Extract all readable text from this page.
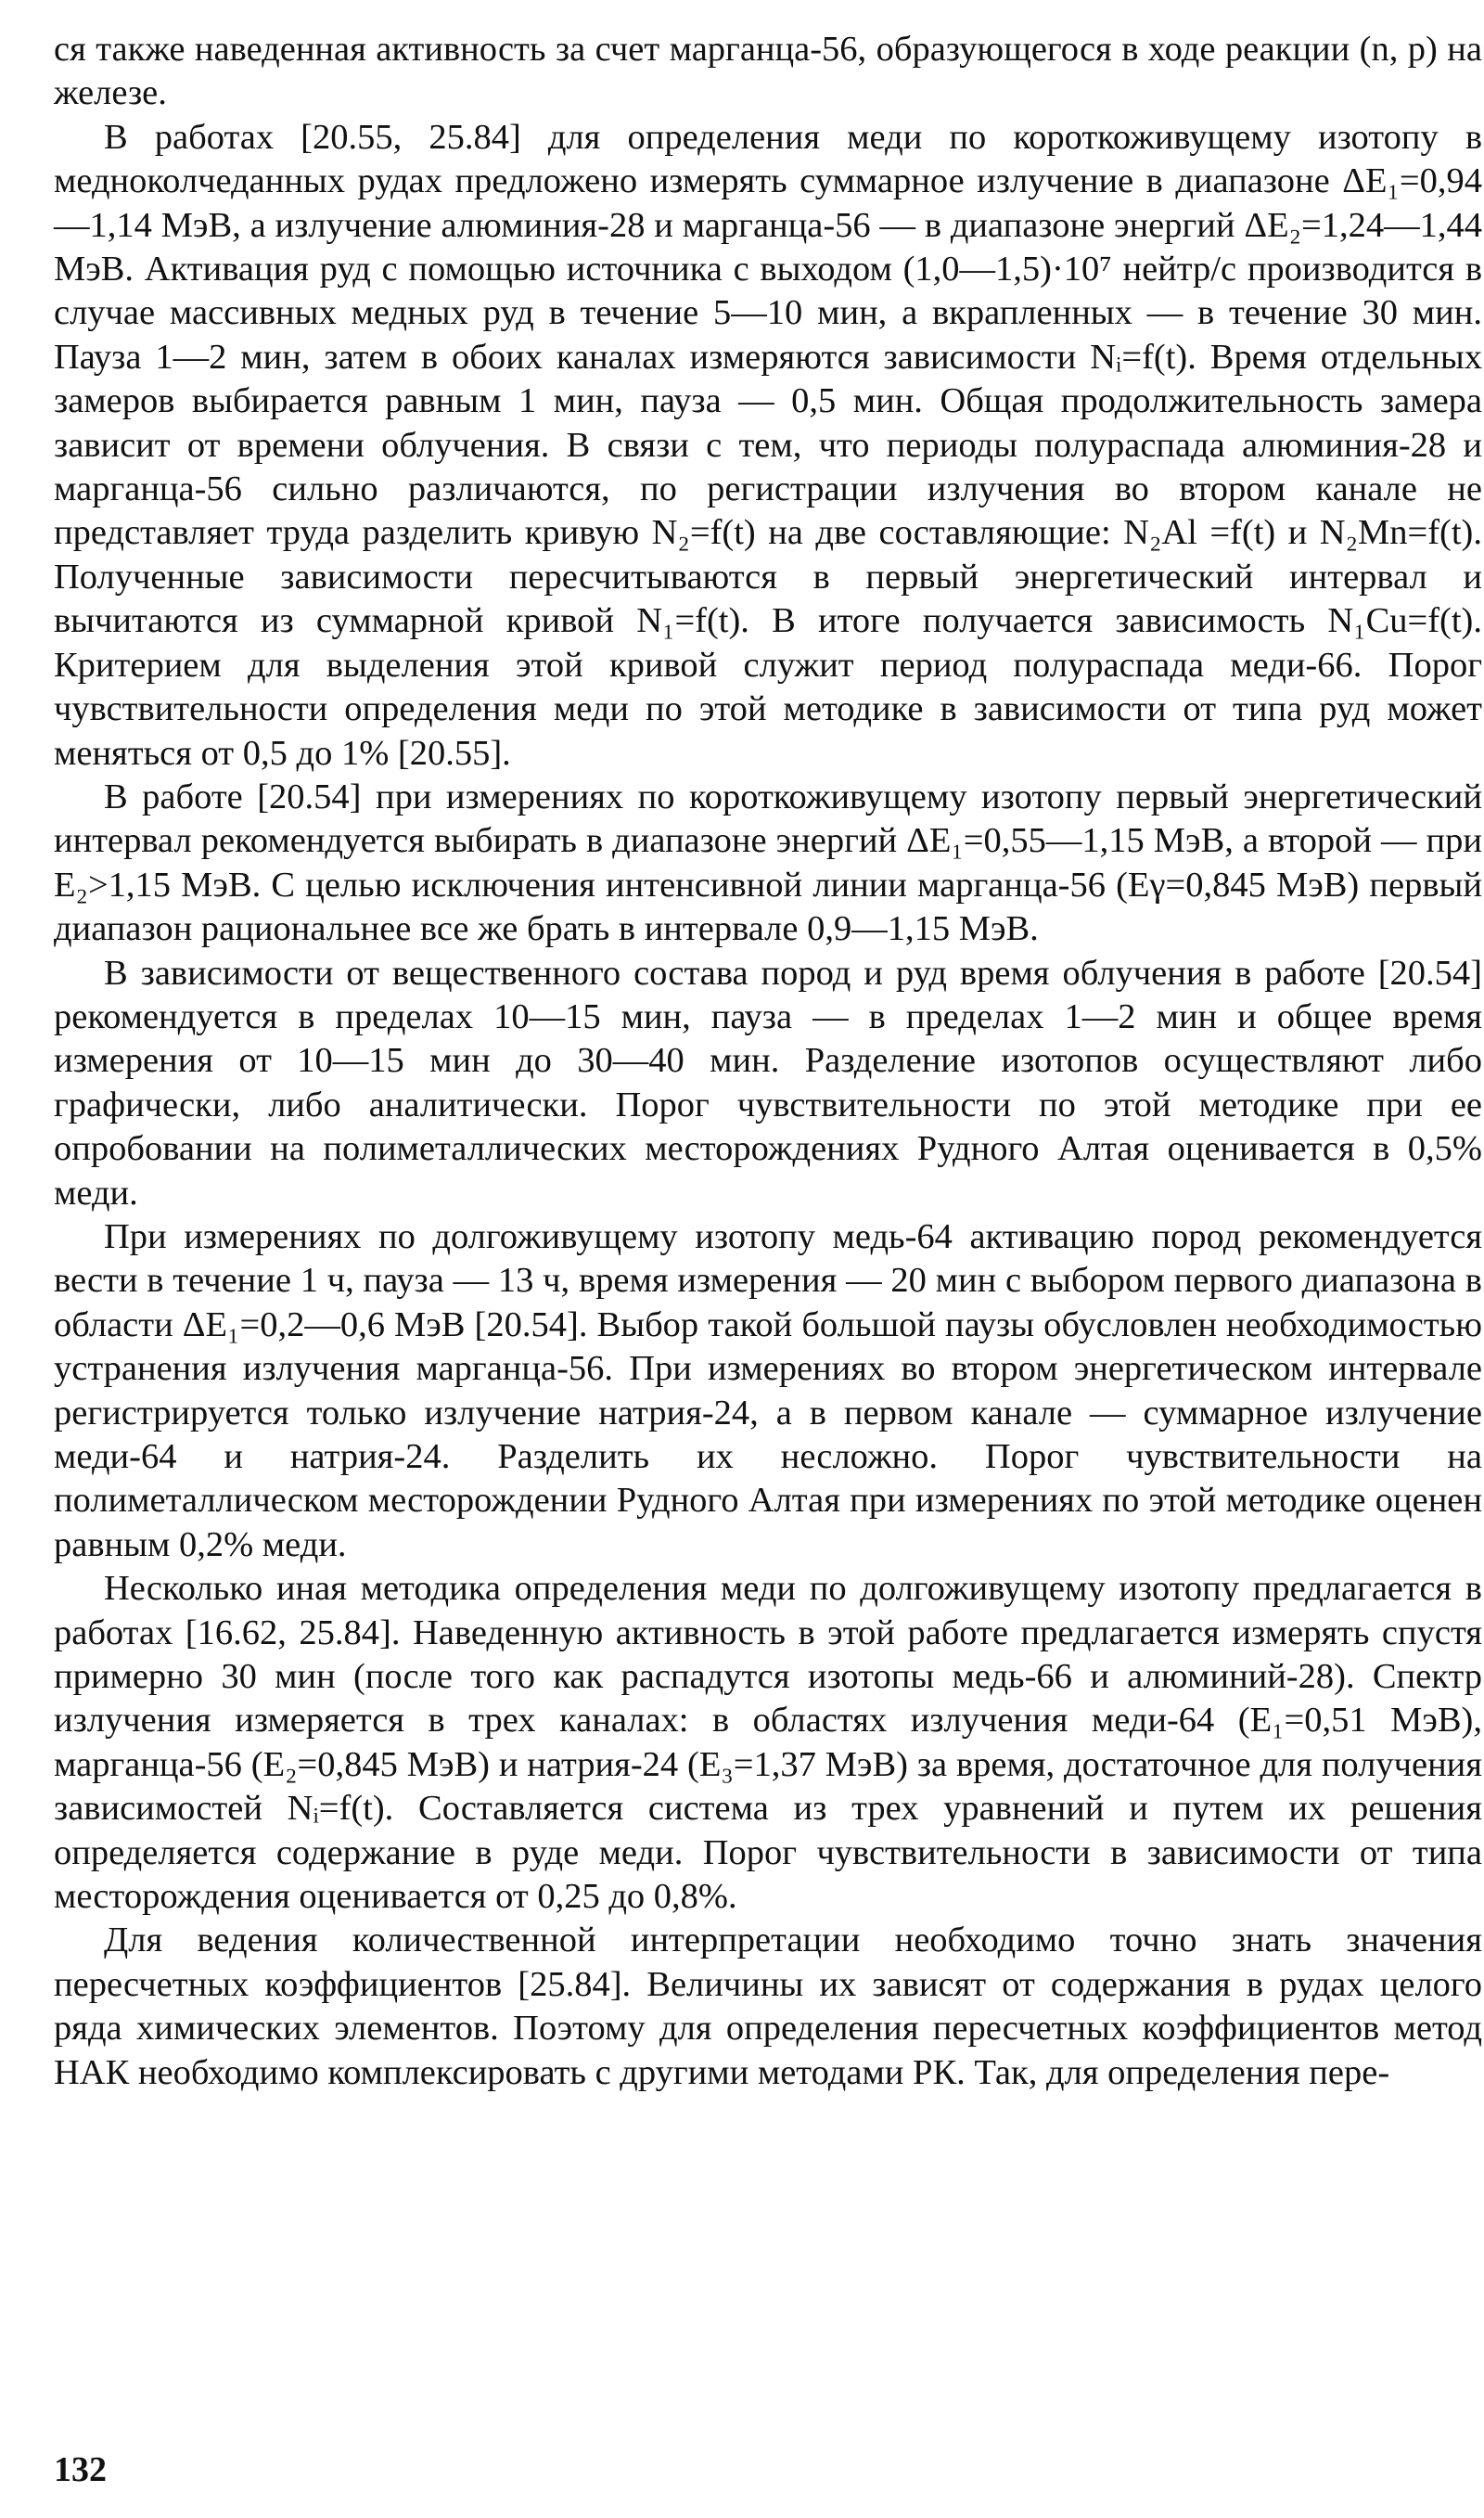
ся также наведенная активность за счет марганца-56, образующегося в ходе реакции (n, p) на железе.

В работах [20.55, 25.84] для определения меди по короткоживущему изотопу в медноколчеданных рудах предложено измерять суммарное излучение в диапазоне ΔE₁=0,94—1,14 МэВ, а излучение алюминия-28 и марганца-56 — в диапазоне энергий ΔE₂=1,24—1,44 МэВ. Активация руд с помощью источника с выходом (1,0—1,5)·10⁷ нейтр/с производится в случае массивных медных руд в течение 5—10 мин, а вкрапленных — в течение 30 мин. Пауза 1—2 мин, затем в обоих каналах измеряются зависимости Nᵢ=f(t). Время отдельных замеров выбирается равным 1 мин, пауза — 0,5 мин. Общая продолжительность замера зависит от времени облучения. В связи с тем, что периоды полураспада алюминия-28 и марганца-56 сильно различаются, по регистрации излучения во втором канале не представляет труда разделить кривую N₂=f(t) на две составляющие: N₂Al =f(t) и N₂Mn=f(t). Полученные зависимости пересчитываются в первый энергетический интервал и вычитаются из суммарной кривой N₁=f(t). В итоге получается зависимость N₁Cu=f(t). Критерием для выделения этой кривой служит период полураспада меди-66. Порог чувствительности определения меди по этой методике в зависимости от типа руд может меняться от 0,5 до 1% [20.55].

В работе [20.54] при измерениях по короткоживущему изотопу первый энергетический интервал рекомендуется выбирать в диапазоне энергий ΔE₁=0,55—1,15 МэВ, а второй — при E₂>1,15 МэВ. С целью исключения интенсивной линии марганца-56 (Eγ=0,845 МэВ) первый диапазон рациональнее все же брать в интервале 0,9—1,15 МэВ.

В зависимости от вещественного состава пород и руд время облучения в работе [20.54] рекомендуется в пределах 10—15 мин, пауза — в пределах 1—2 мин и общее время измерения от 10—15 мин до 30—40 мин. Разделение изотопов осуществляют либо графически, либо аналитически. Порог чувствительности по этой методике при ее опробовании на полиметаллических месторождениях Рудного Алтая оценивается в 0,5% меди.

При измерениях по долгоживущему изотопу медь-64 активацию пород рекомендуется вести в течение 1 ч, пауза — 13 ч, время измерения — 20 мин с выбором первого диапазона в области ΔE₁=0,2—0,6 МэВ [20.54]. Выбор такой большой паузы обусловлен необходимостью устранения излучения марганца-56. При измерениях во втором энергетическом интервале регистрируется только излучение натрия-24, а в первом канале — суммарное излучение меди-64 и натрия-24. Разделить их несложно. Порог чувствительности на полиметаллическом месторождении Рудного Алтая при измерениях по этой методике оценен равным 0,2% меди.

Несколько иная методика определения меди по долгоживущему изотопу предлагается в работах [16.62, 25.84]. Наведенную активность в этой работе предлагается измерять спустя примерно 30 мин (после того как распадутся изотопы медь-66 и алюминий-28). Спектр излучения измеряется в трех каналах: в областях излучения меди-64 (E₁=0,51 МэВ), марганца-56 (E₂=0,845 МэВ) и натрия-24 (E₃=1,37 МэВ) за время, достаточное для получения зависимостей Nᵢ=f(t). Составляется система из трех уравнений и путем их решения определяется содержание в руде меди. Порог чувствительности в зависимости от типа месторождения оценивается от 0,25 до 0,8%.

Для ведения количественной интерпретации необходимо точно знать значения пересчетных коэффициентов [25.84]. Величины их зависят от содержания в рудах целого ряда химических элементов. Поэтому для определения пересчетных коэффициентов метод НАК необходимо комплексировать с другими методами РК. Так, для определения пере-

132
